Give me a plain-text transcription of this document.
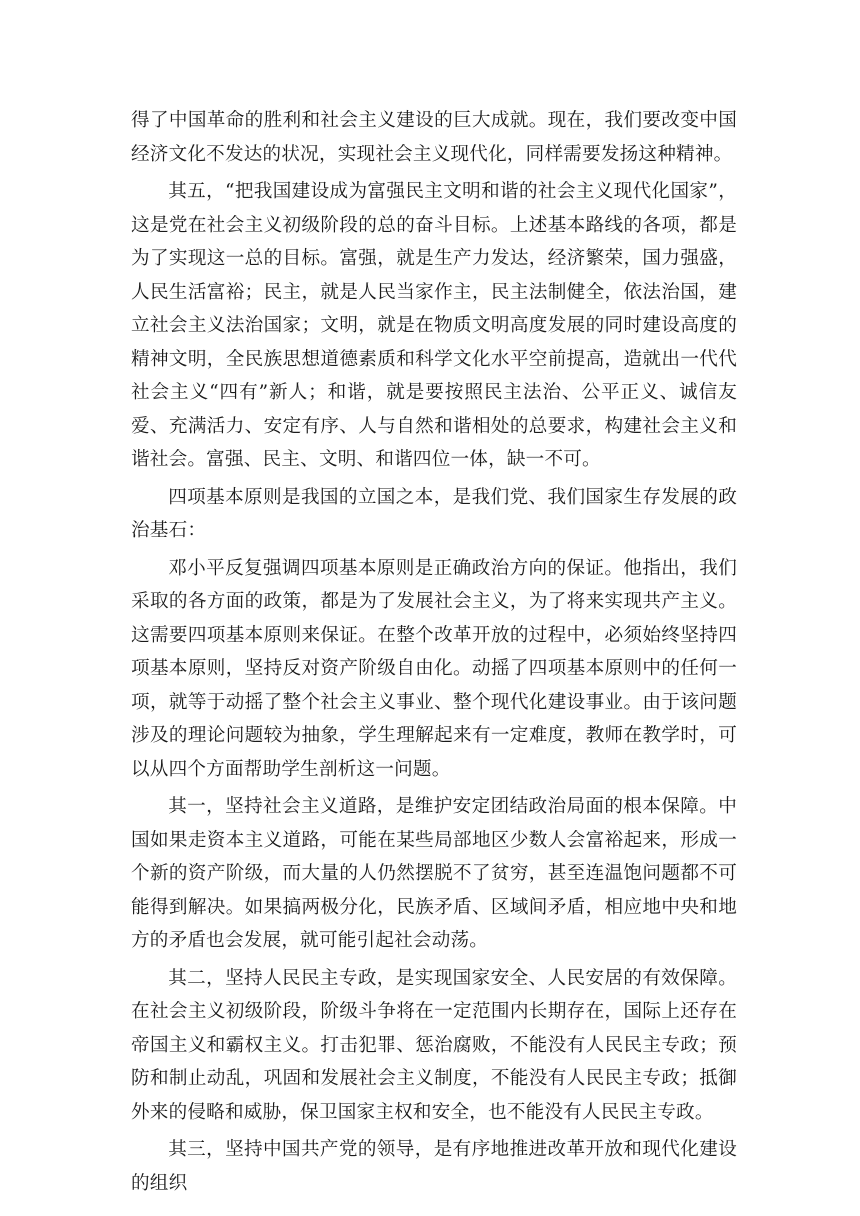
得了中国革命的胜利和社会主义建设的巨大成就。现在，我们要改变中国经济文化不发达的状况，实现社会主义现代化，同样需要发扬这种精神。

其五，“把我国建设成为富强民主文明和谐的社会主义现代化国家”，这是党在社会主义初级阶段的总的奋斗目标。上述基本路线的各项，都是为了实现这一总的目标。富强，就是生产力发达，经济繁荣，国力强盛，人民生活富裕；民主，就是人民当家作主，民主法制健全，依法治国，建立社会主义法治国家；文明，就是在物质文明高度发展的同时建设高度的精神文明，全民族思想道德素质和科学文化水平空前提高，造就出一代代社会主义“四有”新人；和谐，就是要按照民主法治、公平正义、诚信友爱、充满活力、安定有序、人与自然和谐相处的总要求，构建社会主义和谐社会。富强、民主、文明、和谐四位一体，缺一不可。

四项基本原则是我国的立国之本，是我们党、我们国家生存发展的政治基石：

邓小平反复强调四项基本原则是正确政治方向的保证。他指出，我们采取的各方面的政策，都是为了发展社会主义，为了将来实现共产主义。这需要四项基本原则来保证。在整个改革开放的过程中，必须始终坚持四项基本原则，坚持反对资产阶级自由化。动摇了四项基本原则中的任何一项，就等于动摇了整个社会主义事业、整个现代化建设事业。由于该问题涉及的理论问题较为抽象，学生理解起来有一定难度，教师在教学时，可以从四个方面帮助学生剖析这一问题。

其一，坚持社会主义道路，是维护安定团结政治局面的根本保障。中国如果走资本主义道路，可能在某些局部地区少数人会富裕起来，形成一个新的资产阶级，而大量的人仍然摆脱不了贫穷，甚至连温饱问题都不可能得到解决。如果搞两极分化，民族矛盾、区域间矛盾，相应地中央和地方的矛盾也会发展，就可能引起社会动荡。

其二，坚持人民民主专政，是实现国家安全、人民安居的有效保障。在社会主义初级阶段，阶级斗争将在一定范围内长期存在，国际上还存在帝国主义和霸权主义。打击犯罪、惩治腐败，不能没有人民民主专政；预防和制止动乱，巩固和发展社会主义制度，不能没有人民民主专政；抵御外来的侵略和威胁，保卫国家主权和安全，也不能没有人民民主专政。

其三，坚持中国共产党的领导，是有序地推进改革开放和现代化建设的组织
